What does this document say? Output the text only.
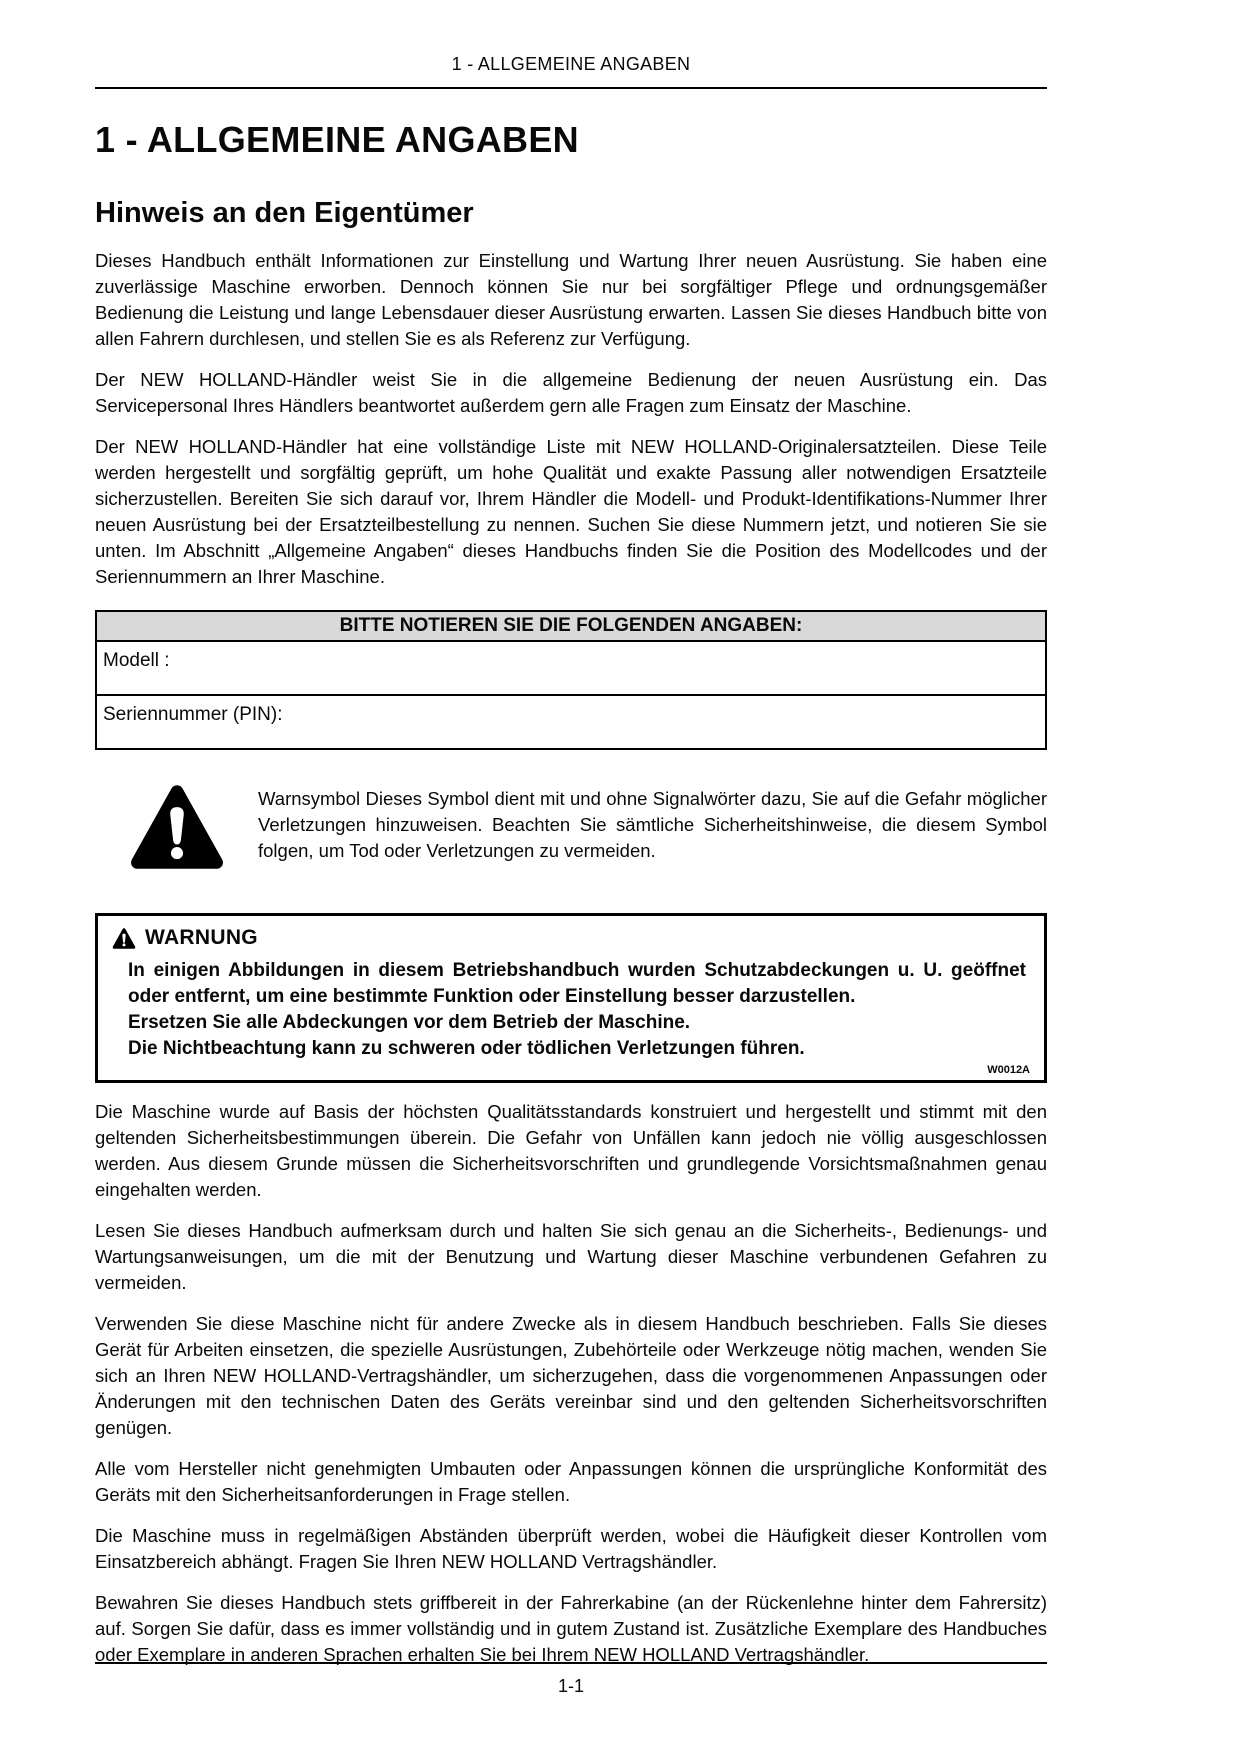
1 - ALLGEMEINE ANGABEN
1 - ALLGEMEINE ANGABEN
Hinweis an den Eigentümer

Dieses Handbuch enthält Informationen zur Einstellung und Wartung Ihrer neuen Ausrüstung. Sie haben eine zuverlässige Maschine erworben. Dennoch können Sie nur bei sorgfältiger Pflege und ordnungsgemäßer Bedienung die Leistung und lange Lebensdauer dieser Ausrüstung erwarten. Lassen Sie dieses Handbuch bitte von allen Fahrern durchlesen, und stellen Sie es als Referenz zur Verfügung.

Der NEW HOLLAND-Händler weist Sie in die allgemeine Bedienung der neuen Ausrüstung ein. Das Servicepersonal Ihres Händlers beantwortet außerdem gern alle Fragen zum Einsatz der Maschine.

Der NEW HOLLAND-Händler hat eine vollständige Liste mit NEW HOLLAND-Originalersatzteilen. Diese Teile werden hergestellt und sorgfältig geprüft, um hohe Qualität und exakte Passung aller notwendigen Ersatzteile sicherzustellen. Bereiten Sie sich darauf vor, Ihrem Händler die Modell- und Produkt-Identifikations-Nummer Ihrer neuen Ausrüstung bei der Ersatzteilbestellung zu nennen. Suchen Sie diese Nummern jetzt, und notieren Sie sie unten. Im Abschnitt „Allgemeine Angaben“ dieses Handbuchs finden Sie die Position des Modellcodes und der Seriennummern an Ihrer Maschine.

BITTE NOTIEREN SIE DIE FOLGENDEN ANGABEN:
Modell :
Seriennummer (PIN):
Warnsymbol Dieses Symbol dient mit und ohne Signalwörter dazu, Sie auf die Gefahr möglicher Verletzungen hinzuweisen. Beachten Sie sämtliche Sicherheitshinweise, die diesem Symbol folgen, um Tod oder Verletzungen zu vermeiden.
WARNUNG
In einigen Abbildungen in diesem Betriebshandbuch wurden Schutzabdeckungen u. U. geöffnet oder entfernt, um eine bestimmte Funktion oder Einstellung besser darzustellen.
Ersetzen Sie alle Abdeckungen vor dem Betrieb der Maschine.
Die Nichtbeachtung kann zu schweren oder tödlichen Verletzungen führen.
W0012A

Die Maschine wurde auf Basis der höchsten Qualitätsstandards konstruiert und hergestellt und stimmt mit den geltenden Sicherheitsbestimmungen überein. Die Gefahr von Unfällen kann jedoch nie völlig ausgeschlossen werden. Aus diesem Grunde müssen die Sicherheitsvorschriften und grundlegende Vorsichtsmaßnahmen genau eingehalten werden.

Lesen Sie dieses Handbuch aufmerksam durch und halten Sie sich genau an die Sicherheits-, Bedienungs- und Wartungsanweisungen, um die mit der Benutzung und Wartung dieser Maschine verbundenen Gefahren zu vermeiden.

Verwenden Sie diese Maschine nicht für andere Zwecke als in diesem Handbuch beschrieben. Falls Sie dieses Gerät für Arbeiten einsetzen, die spezielle Ausrüstungen, Zubehörteile oder Werkzeuge nötig machen, wenden Sie sich an Ihren NEW HOLLAND-Vertragshändler, um sicherzugehen, dass die vorgenommenen Anpassungen oder Änderungen mit den technischen Daten des Geräts vereinbar sind und den geltenden Sicherheitsvorschriften genügen.

Alle vom Hersteller nicht genehmigten Umbauten oder Anpassungen können die ursprüngliche Konformität des Geräts mit den Sicherheitsanforderungen in Frage stellen.

Die Maschine muss in regelmäßigen Abständen überprüft werden, wobei die Häufigkeit dieser Kontrollen vom Einsatzbereich abhängt. Fragen Sie Ihren NEW HOLLAND Vertragshändler.

Bewahren Sie dieses Handbuch stets griffbereit in der Fahrerkabine (an der Rückenlehne hinter dem Fahrersitz) auf. Sorgen Sie dafür, dass es immer vollständig und in gutem Zustand ist. Zusätzliche Exemplare des Handbuches oder Exemplare in anderen Sprachen erhalten Sie bei Ihrem NEW HOLLAND Vertragshändler.

1-1
